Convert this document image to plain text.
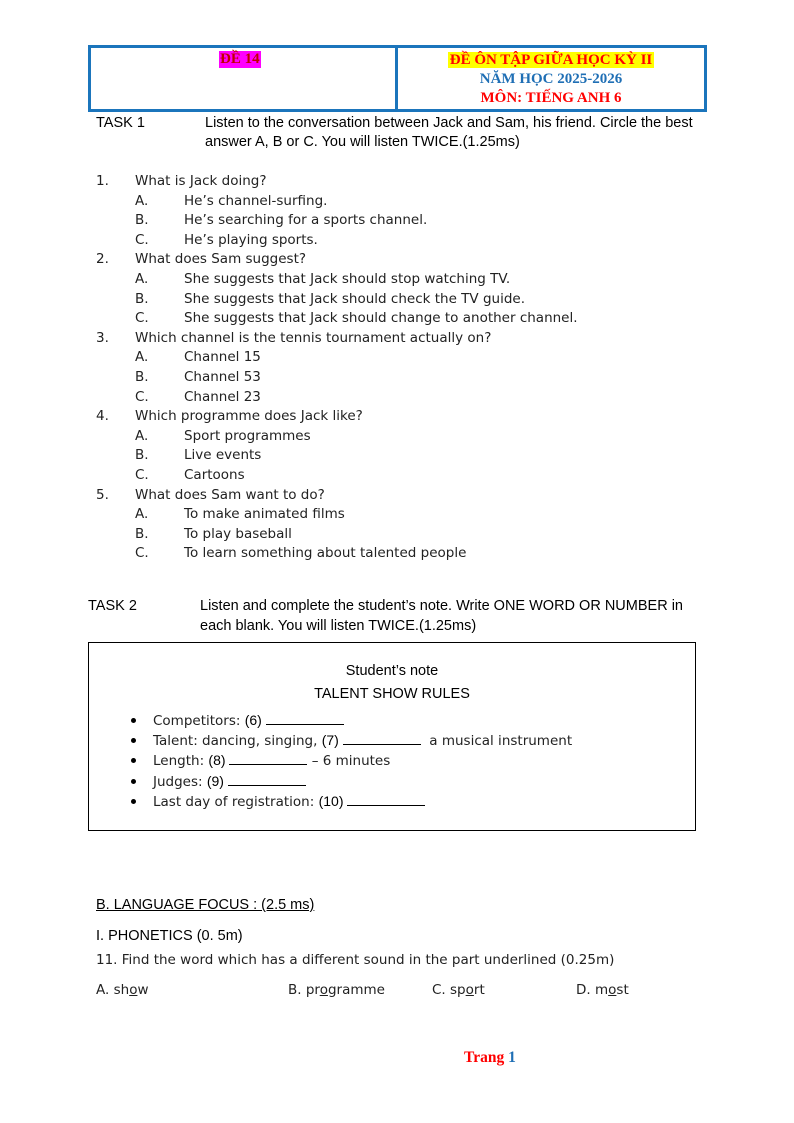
ĐỀ 14	ĐỀ ÔN TẬP GIỮA HỌC KỲ II
NĂM HỌC 2025-2026
MÔN: TIẾNG ANH 6
TASK 1	Listen to the conversation between Jack and Sam, his friend. Circle the best
answer A, B or C. You will listen TWICE.(1.25ms)
1. What is Jack doing?
A.	He’s channel-surfing.
B.	He’s searching for a sports channel.
C.	He’s playing sports.
2. What does Sam suggest?
A.	She suggests that Jack should stop watching TV.
B.	She suggests that Jack should check the TV guide.
C.	She suggests that Jack should change to another channel.
3. Which channel is the tennis tournament actually on?
A.	Channel 15
B.	Channel 53
C.	Channel 23
4. Which programme does Jack like?
A.	Sport programmes
B.	Live events
C.	Cartoons
5. What does Sam want to do?
A.	To make animated films
B.	To play baseball
C.	To learn something about talented people
TASK 2	Listen and complete the student’s note. Write ONE WORD OR NUMBER in
each blank. You will listen TWICE.(1.25ms)
Student’s note
TALENT SHOW RULES
Competitors: (6)
Talent: dancing, singing, (7)	a musical instrument
Length: (8)	– 6 minutes
Judges: (9)
Last day of registration: (10)
B. LANGUAGE FOCUS : (2.5 ms)
I. PHONETICS (0. 5m)
11. Find the word which has a different sound in the part underlined (0.25m)
A. show	B. programme	C. sport	D. most
Trang 1
